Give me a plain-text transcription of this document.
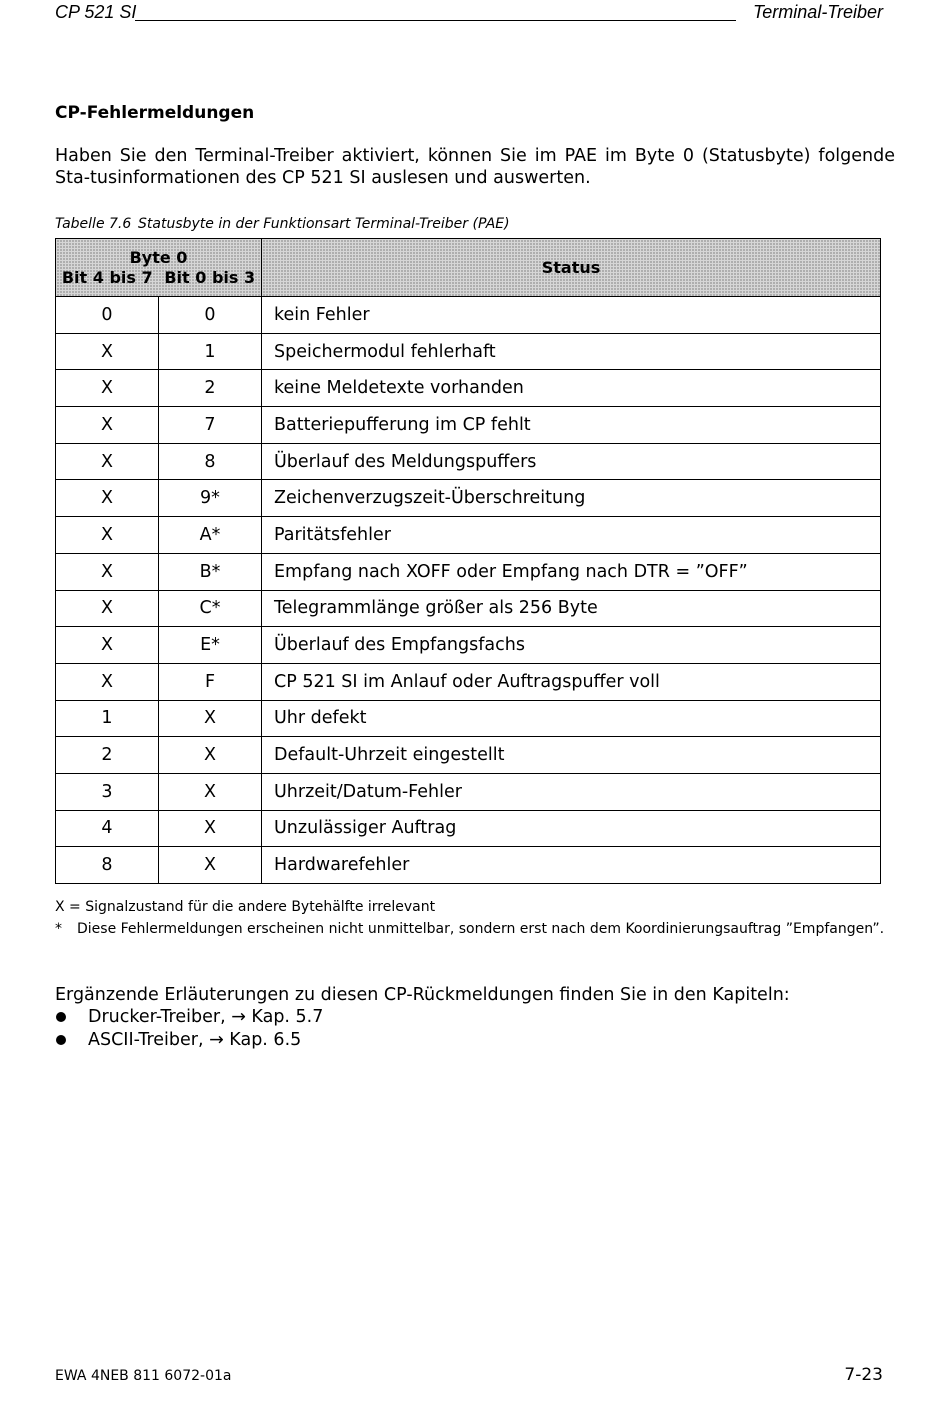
CP 521 SI	Terminal-Treiber
CP-Fehlermeldungen
Haben Sie den Terminal-Treiber aktiviert, können Sie im PAE im Byte 0 (Statusbyte) folgende Sta-tusinformationen des CP 521 SI auslesen und auswerten.
Tabelle 7.6 Statusbyte in der Funktionsart Terminal-Treiber (PAE)
Byte 0
Bit 4 bis 7 Bit 0 bis 3		Status
0	0	kein Fehler
X	1	Speichermodul fehlerhaft
X	2	keine Meldetexte vorhanden
X	7	Batteriepufferung im CP fehlt
X	8	Überlauf des Meldungspuffers
X	9*	Zeichenverzugszeit-Überschreitung
X	A*	Paritätsfehler
X	B*	Empfang nach XOFF oder Empfang nach DTR = ”OFF”
X	C*	Telegrammlänge größer als 256 Byte
X	E*	Überlauf des Empfangsfachs
X	F	CP 521 SI im Anlauf oder Auftragspuffer voll
1	X	Uhr defekt
2	X	Default-Uhrzeit eingestellt
3	X	Uhrzeit/Datum-Fehler
4	X	Unzulässiger Auftrag
8	X	Hardwarefehler
X = Signalzustand für die andere Bytehälfte irrelevant
* Diese Fehlermeldungen erscheinen nicht unmittelbar, sondern erst nach dem Koordinierungsauftrag ”Empfangen”.
Ergänzende Erläuterungen zu diesen CP-Rückmeldungen finden Sie in den Kapiteln:
Drucker-Treiber, → Kap. 5.7
ASCII-Treiber, → Kap. 6.5
EWA 4NEB 811 6072-01a	7-23
